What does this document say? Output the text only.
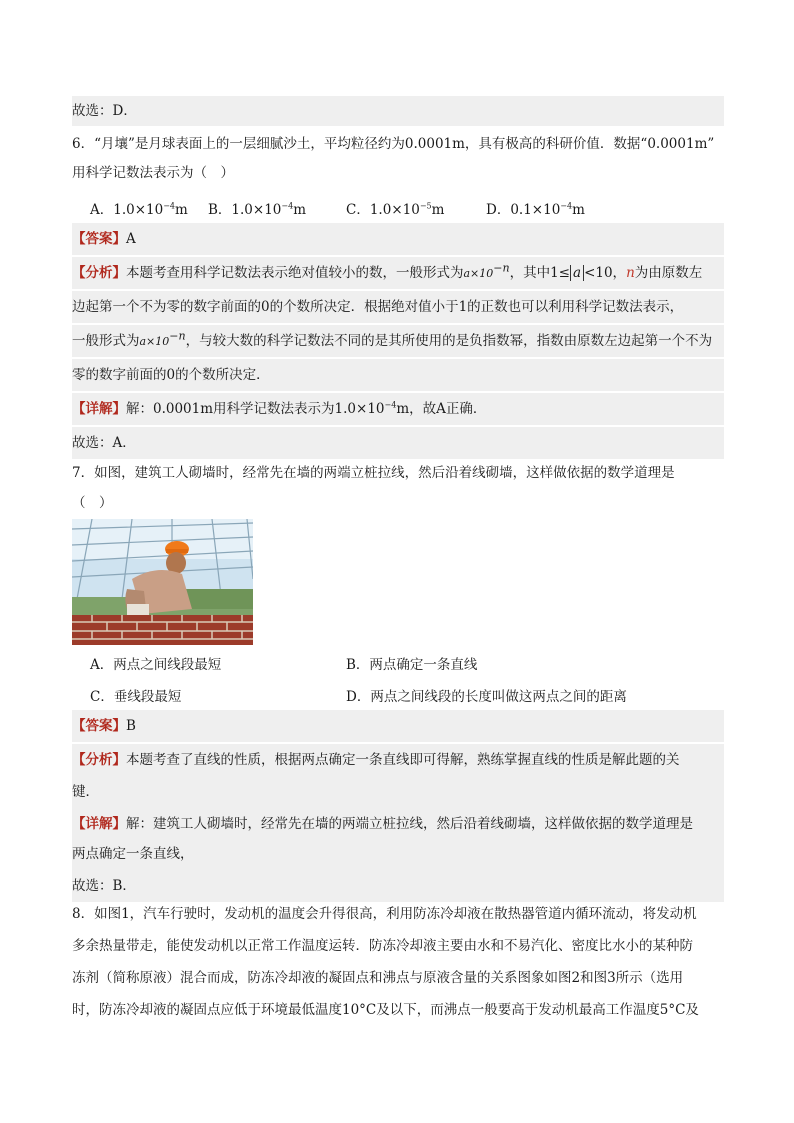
故选：D．
6．“月壤”是月球表面上的一层细腻沙土，平均粒径约为0.0001m，具有极高的科研价值．数据“0.0001m”
用科学记数法表示为（　）
A．$1.0\times 10^{-4}m$ B．$1.0\times 10^{-4}m$	C．$1.0\times 10^{-5}m$	D．$0.1\times 10^{-4}m$
【答案】A
【分析】本题考查用科学记数法表示绝对值较小的数，一般形式为$a\times 10^{-n}$，其中1≤ a <10，n为由原数左
边起第一个不为零的数字前面的0的个数所决定．根据绝对值小于1的正数也可以利用科学记数法表示，
一般形式为$a\times 10^{-n}$，与较大数的科学记数法不同的是其所使用的是负指数幂，指数由原数左边起第一个不为
零的数字前面的0的个数所决定．
【详解】解：0.0001m用科学记数法表示为$1.0\times 10^{-4}m$，故A正确．
故选：A．
7．如图，建筑工人砌墙时，经常先在墙的两端立桩拉线，然后沿着线砌墙，这样做依据的数学道理是
（　）
A．两点之间线段最短	B．两点确定一条直线
C．垂线段最短	D．两点之间线段的长度叫做这两点之间的距离
【答案】B
【分析】本题考查了直线的性质，根据两点确定一条直线即可得解，熟练掌握直线的性质是解此题的关
键．
【详解】解：建筑工人砌墙时，经常先在墙的两端立桩拉线，然后沿着线砌墙，这样做依据的数学道理是
两点确定一条直线，
故选：B．
8．如图1，汽车行驶时，发动机的温度会升得很高，利用防冻冷却液在散热器管道内循环流动，将发动机
多余热量带走，能使发动机以正常工作温度运转．防冻冷却液主要由水和不易汽化、密度比水小的某种防
冻剂（简称原液）混合而成，防冻冷却液的凝固点和沸点与原液含量的关系图象如图2和图3所示（选用
时，防冻冷却液的凝固点应低于环境最低温度10°C及以下，而沸点一般要高于发动机最高工作温度5°C及
